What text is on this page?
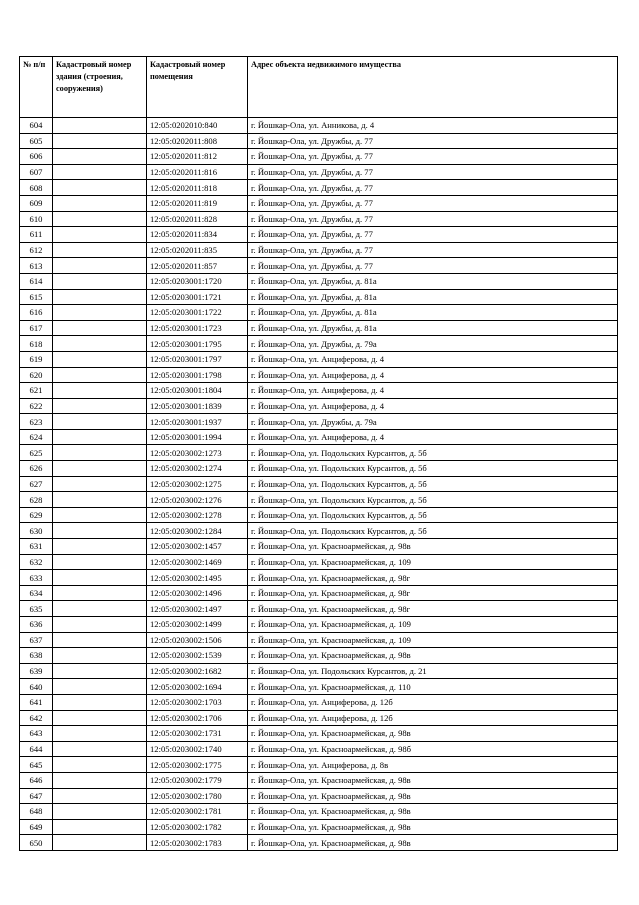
№ п/п	Кадастровый номер здания (строения, сооружения)	Кадастровый номер помещения	Адрес объекта недвижимого имущества
604		12:05:0202010:840	г. Йошкар-Ола, ул. Анникова, д. 4
605		12:05:0202011:808	г. Йошкар-Ола, ул. Дружбы, д. 77
606		12:05:0202011:812	г. Йошкар-Ола, ул. Дружбы, д. 77
607		12:05:0202011:816	г. Йошкар-Ола, ул. Дружбы, д. 77
608		12:05:0202011:818	г. Йошкар-Ола, ул. Дружбы, д. 77
609		12:05:0202011:819	г. Йошкар-Ола, ул. Дружбы, д. 77
610		12:05:0202011:828	г. Йошкар-Ола, ул. Дружбы, д. 77
611		12:05:0202011:834	г. Йошкар-Ола, ул. Дружбы, д. 77
612		12:05:0202011:835	г. Йошкар-Ола, ул. Дружбы, д. 77
613		12:05:0202011:857	г. Йошкар-Ола, ул. Дружбы, д. 77
614		12:05:0203001:1720	г. Йошкар-Ола, ул. Дружбы, д. 81а
615		12:05:0203001:1721	г. Йошкар-Ола, ул. Дружбы, д. 81а
616		12:05:0203001:1722	г. Йошкар-Ола, ул. Дружбы, д. 81а
617		12:05:0203001:1723	г. Йошкар-Ола, ул. Дружбы, д. 81а
618		12:05:0203001:1795	г. Йошкар-Ола, ул. Дружбы, д. 79а
619		12:05:0203001:1797	г. Йошкар-Ола, ул. Анциферова, д. 4
620		12:05:0203001:1798	г. Йошкар-Ола, ул. Анциферова, д. 4
621		12:05:0203001:1804	г. Йошкар-Ола, ул. Анциферова, д. 4
622		12:05:0203001:1839	г. Йошкар-Ола, ул. Анциферова, д. 4
623		12:05:0203001:1937	г. Йошкар-Ола, ул. Дружбы, д. 79а
624		12:05:0203001:1994	г. Йошкар-Ола, ул. Анциферова, д. 4
625		12:05:0203002:1273	г. Йошкар-Ола, ул. Подольских Курсантов, д. 5б
626		12:05:0203002:1274	г. Йошкар-Ола, ул. Подольских Курсантов, д. 5б
627		12:05:0203002:1275	г. Йошкар-Ола, ул. Подольских Курсантов, д. 5б
628		12:05:0203002:1276	г. Йошкар-Ола, ул. Подольских Курсантов, д. 5б
629		12:05:0203002:1278	г. Йошкар-Ола, ул. Подольских Курсантов, д. 5б
630		12:05:0203002:1284	г. Йошкар-Ола, ул. Подольских Курсантов, д. 5б
631		12:05:0203002:1457	г. Йошкар-Ола, ул. Красноармейская, д. 98в
632		12:05:0203002:1469	г. Йошкар-Ола, ул. Красноармейская, д. 109
633		12:05:0203002:1495	г. Йошкар-Ола, ул. Красноармейская, д. 98г
634		12:05:0203002:1496	г. Йошкар-Ола, ул. Красноармейская, д. 98г
635		12:05:0203002:1497	г. Йошкар-Ола, ул. Красноармейская, д. 98г
636		12:05:0203002:1499	г. Йошкар-Ола, ул. Красноармейская, д. 109
637		12:05:0203002:1506	г. Йошкар-Ола, ул. Красноармейская, д. 109
638		12:05:0203002:1539	г. Йошкар-Ола, ул. Красноармейская, д. 98в
639		12:05:0203002:1682	г. Йошкар-Ола, ул. Подольских Курсантов, д. 21
640		12:05:0203002:1694	г. Йошкар-Ола, ул. Красноармейская, д. 110
641		12:05:0203002:1703	г. Йошкар-Ола, ул. Анциферова, д. 12б
642		12:05:0203002:1706	г. Йошкар-Ола, ул. Анциферова, д. 12б
643		12:05:0203002:1731	г. Йошкар-Ола, ул. Красноармейская, д. 98в
644		12:05:0203002:1740	г. Йошкар-Ола, ул. Красноармейская, д. 98б
645		12:05:0203002:1775	г. Йошкар-Ола, ул. Анциферова, д. 8в
646		12:05:0203002:1779	г. Йошкар-Ола, ул. Красноармейская, д. 98в
647		12:05:0203002:1780	г. Йошкар-Ола, ул. Красноармейская, д. 98в
648		12:05:0203002:1781	г. Йошкар-Ола, ул. Красноармейская, д. 98в
649		12:05:0203002:1782	г. Йошкар-Ола, ул. Красноармейская, д. 98в
650		12:05:0203002:1783	г. Йошкар-Ола, ул. Красноармейская, д. 98в
